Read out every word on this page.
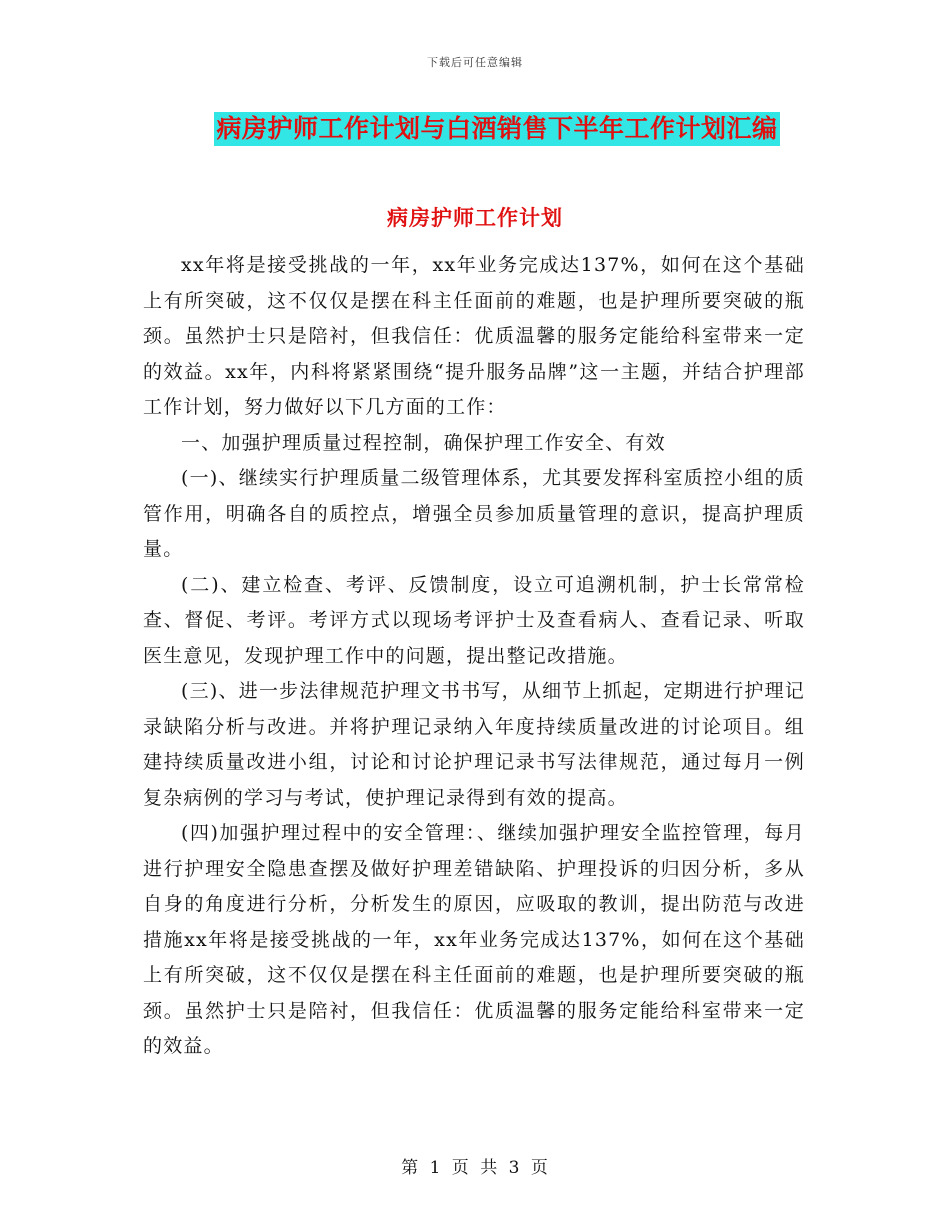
下载后可任意编辑
病房护师工作计划与白酒销售下半年工作计划汇编
病房护师工作计划

xx年将是接受挑战的一年，xx年业务完成达137%，如何在这个基础上有所突破，这不仅仅是摆在科主任面前的难题，也是护理所要突破的瓶颈。虽然护士只是陪衬，但我信任：优质温馨的服务定能给科室带来一定的效益。xx年，内科将紧紧围绕“提升服务品牌”这一主题，并结合护理部工作计划，努力做好以下几方面的工作：

一、加强护理质量过程控制，确保护理工作安全、有效

(一)、继续实行护理质量二级管理体系，尤其要发挥科室质控小组的质管作用，明确各自的质控点，增强全员参加质量管理的意识，提高护理质量。

(二)、建立检查、考评、反馈制度，设立可追溯机制，护士长常常检查、督促、考评。考评方式以现场考评护士及查看病人、查看记录、听取医生意见，发现护理工作中的问题，提出整记改措施。

(三)、进一步法律规范护理文书书写，从细节上抓起，定期进行护理记录缺陷分析与改进。并将护理记录纳入年度持续质量改进的讨论项目。组建持续质量改进小组，讨论和讨论护理记录书写法律规范，通过每月一例复杂病例的学习与考试，使护理记录得到有效的提高。

(四)加强护理过程中的安全管理：、继续加强护理安全监控管理，每月进行护理安全隐患查摆及做好护理差错缺陷、护理投诉的归因分析，多从自身的角度进行分析，分析发生的原因，应吸取的教训，提出防范与改进措施xx年将是接受挑战的一年，xx年业务完成达137%，如何在这个基础上有所突破，这不仅仅是摆在科主任面前的难题，也是护理所要突破的瓶颈。虽然护士只是陪衬，但我信任：优质温馨的服务定能给科室带来一定的效益。

第 1 页 共 3 页
